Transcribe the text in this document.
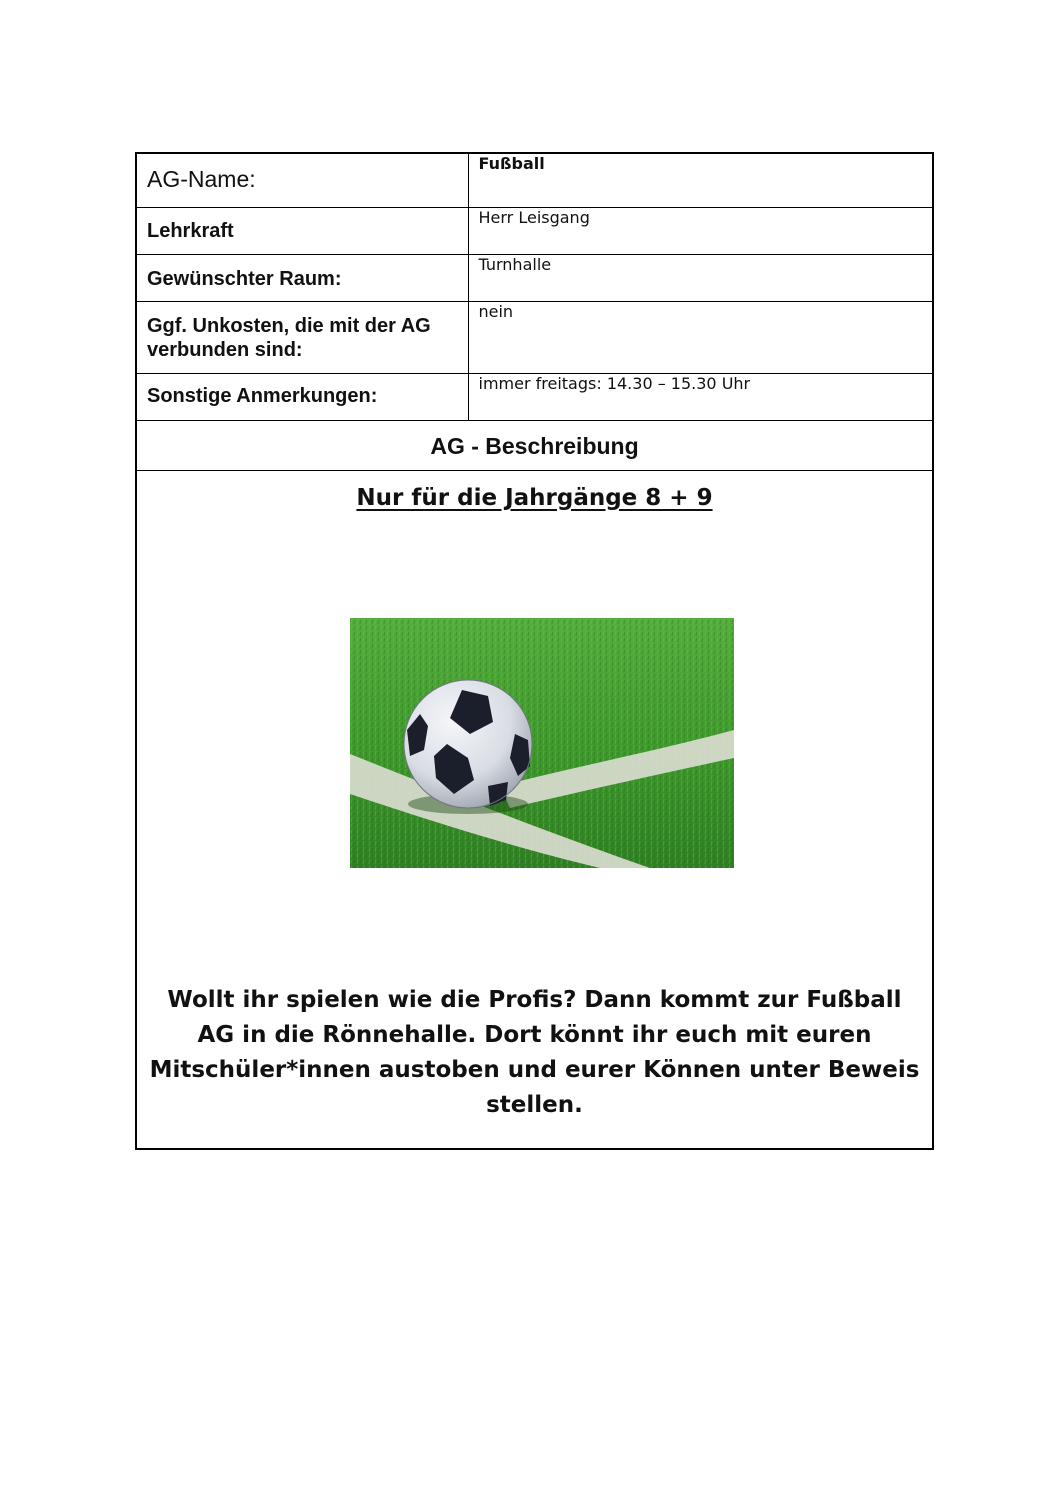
AG-Name:	Fußball
Lehrkraft	Herr Leisgang
Gewünschter Raum:	Turnhalle
Ggf. Unkosten, die mit der AG verbunden sind:	nein
Sonstige Anmerkungen:	immer freitags: 14.30 – 15.30 Uhr
AG - Beschreibung
Nur für die Jahrgänge 8 + 9
Wollt ihr spielen wie die Profis? Dann kommt zur Fußball AG in die Rönnehalle. Dort könnt ihr euch mit euren Mitschüler*innen austoben und eurer Können unter Beweis stellen.
